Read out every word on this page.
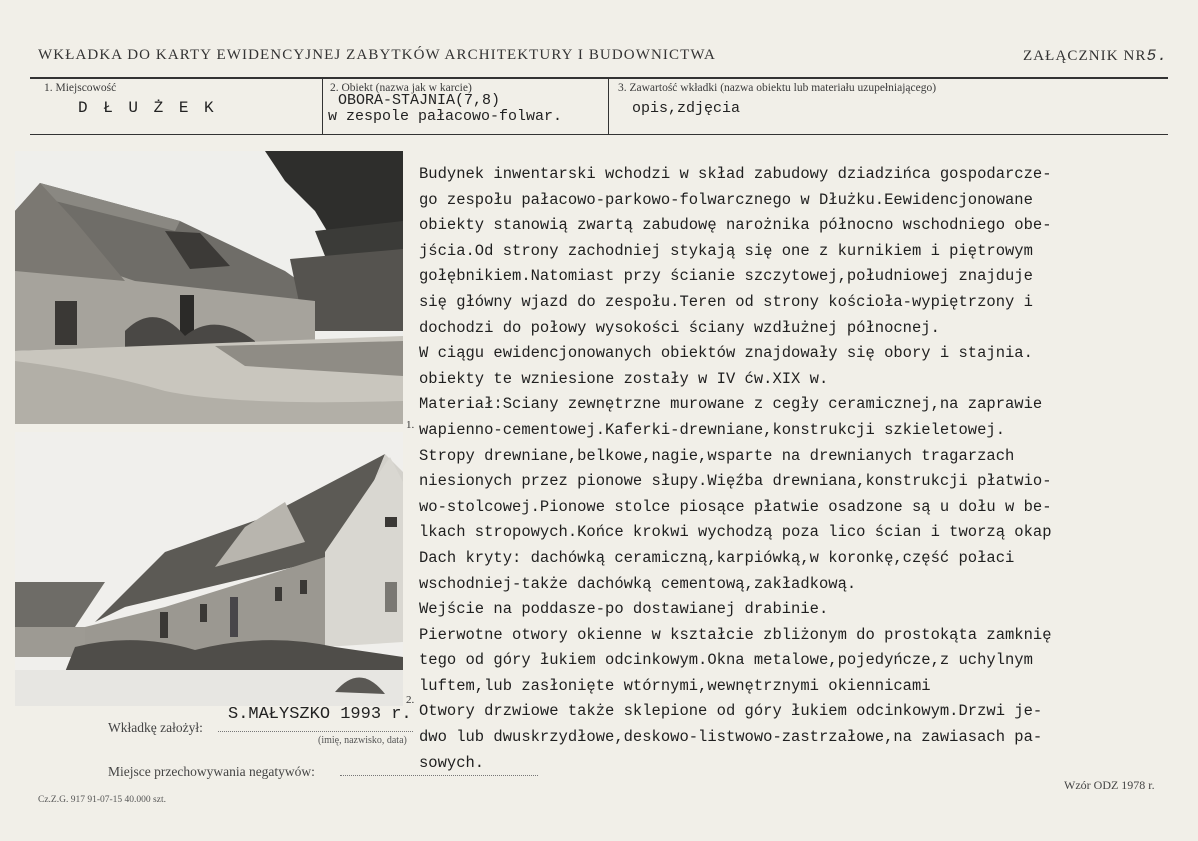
WKŁADKA DO KARTY EWIDENCYJNEJ ZABYTKÓW ARCHITEKTURY I BUDOWNICTWA	ZAŁĄCZNIK NR5.
1. Miejscowość
D Ł U Ż E K
2. Obiekt (nazwa jak w karcie)
OBORA-STAJNIA(7,8)
w zespole pałacowo-folwar.
3. Zawartość wkładki (nazwa obiektu lub materiału uzupełniającego)
opis,zdjęcia
1.
2.
Budynek inwentarski wchodzi w skład zabudowy dziadzińca gospodarcze-
go zespołu pałacowo-parkowo-folwarcznego w Dłużku.Eewidencjonowane
obiekty stanowią zwartą zabudowę narożnika północno wschodniego obe-
jścia.Od strony zachodniej stykają się one z kurnikiem i piętrowym
gołębnikiem.Natomiast przy ścianie szczytowej,południowej znajduje
się główny wjazd do zespołu.Teren od strony kościoła-wypiętrzony i
dochodzi do połowy wysokości ściany wzdłużnej północnej.
W ciągu ewidencjonowanych obiektów znajdowały się obory i stajnia.
obiekty te wzniesione zostały w IV ćw.XIX w.
Materiał:Sciany zewnętrzne murowane z cegły ceramicznej,na zaprawie
wapienno-cementowej.Kaferki-drewniane,konstrukcji szkieletowej.
Stropy drewniane,belkowe,nagie,wsparte na drewnianych tragarzach
niesionych przez pionowe słupy.Więźba drewniana,konstrukcji płatwio-
wo-stolcowej.Pionowe stolce piosące płatwie osadzone są u dołu w be-
lkach stropowych.Końce krokwi wychodzą poza lico ścian i tworzą okap
Dach kryty: dachówką ceramiczną,karpiówką,w koronkę,część połaci
wschodniej-także dachówką cementową,zakładkową.
Wejście na poddasze-po dostawianej drabinie.
Pierwotne otwory okienne w kształcie zbliżonym do prostokąta zamknię
tego od góry łukiem odcinkowym.Okna metalowe,pojedyńcze,z uchylnym
luftem,lub zasłonięte wtórnymi,wewnętrznymi okiennicami
Otwory drzwiowe także sklepione od góry łukiem odcinkowym.Drzwi je-
dwo lub dwuskrzydłowe,deskowo-listwowo-zastrzałowe,na zawiasach pa-
sowych.
Wkładkę założył:
S.MAŁYSZKO 1993 r.
(imię, nazwisko, data)
Miejsce przechowywania negatywów:
Wzór ODZ 1978 r.
Cz.Z.G. 917 91-07-15 40.000 szt.
